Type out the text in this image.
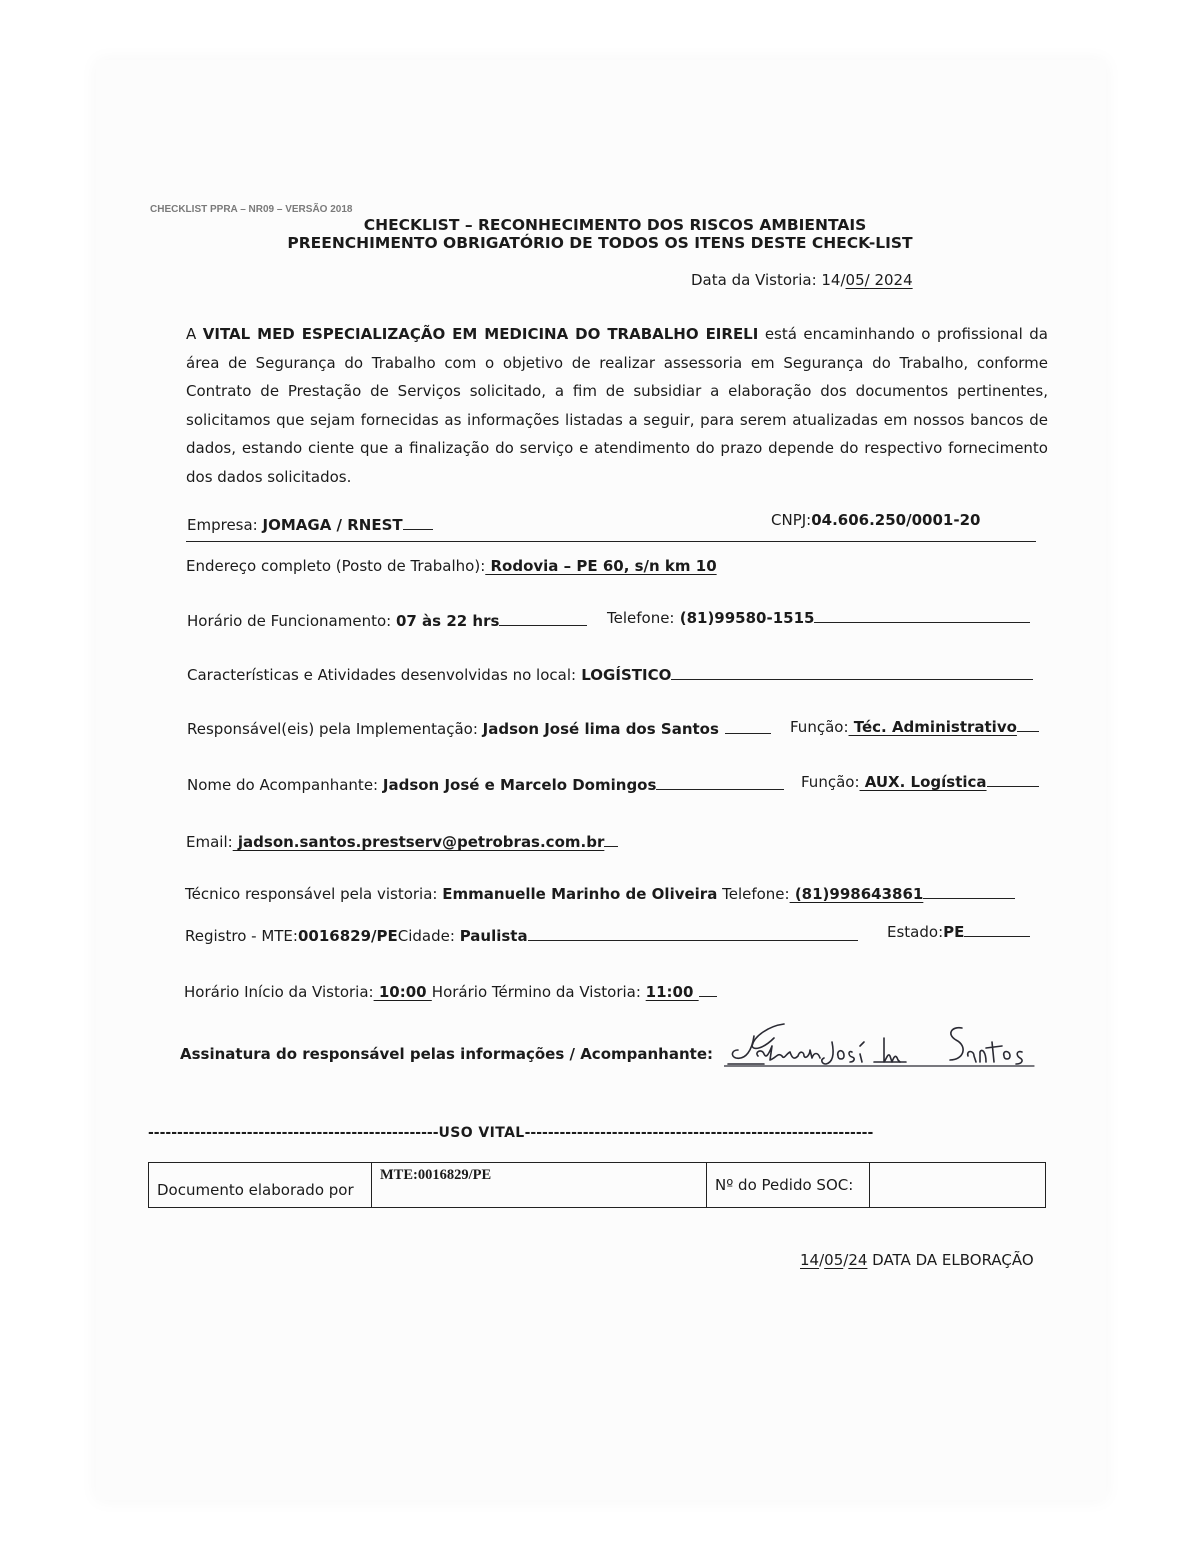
CHECKLIST PPRA – NR09 – VERSÃO 2018
CHECKLIST – RECONHECIMENTO DOS RISCOS AMBIENTAIS
PREENCHIMENTO OBRIGATÓRIO DE TODOS OS ITENS DESTE CHECK-LIST
Data da Vistoria: 14/05/ 2024
A VITAL MED ESPECIALIZAÇÃO EM MEDICINA DO TRABALHO EIRELI está encaminhando o profissional da área de Segurança do Trabalho com o objetivo de realizar assessoria em Segurança do Trabalho, conforme Contrato de Prestação de Serviços solicitado, a fim de subsidiar a elaboração dos documentos pertinentes, solicitamos que sejam fornecidas as informações listadas a seguir, para serem atualizadas em nossos bancos de dados, estando ciente que a finalização do serviço e atendimento do prazo depende do respectivo fornecimento dos dados solicitados.
Empresa: JOMAGA / RNEST	CNPJ:04.606.250/0001-20
Endereço completo (Posto de Trabalho): Rodovia – PE 60, s/n km 10
Horário de Funcionamento: 07 às 22 hrs	Telefone: (81)99580-1515
Características e Atividades desenvolvidas no local: LOGÍSTICO
Responsável(eis) pela Implementação: Jadson José lima dos Santos	Função: Téc. Administrativo
Nome do Acompanhante: Jadson José e Marcelo Domingos	Função: AUX. Logística
Email: jadson.santos.prestserv@petrobras.com.br
Técnico responsável pela vistoria: Emmanuelle Marinho de Oliveira Telefone: (81)998643861
Registro - MTE:0016829/PECidade: Paulista	Estado:PE
Horário Início da Vistoria: 10:00 Horário Término da Vistoria: 11:00
Assinatura do responsável pelas informações / Acompanhante:
--------------------------------------------------USO VITAL------------------------------------------------------------
Documento elaborado por	MTE:0016829/PE	Nº do Pedido SOC:	
14/05/24 DATA DA ELBORAÇÃO
